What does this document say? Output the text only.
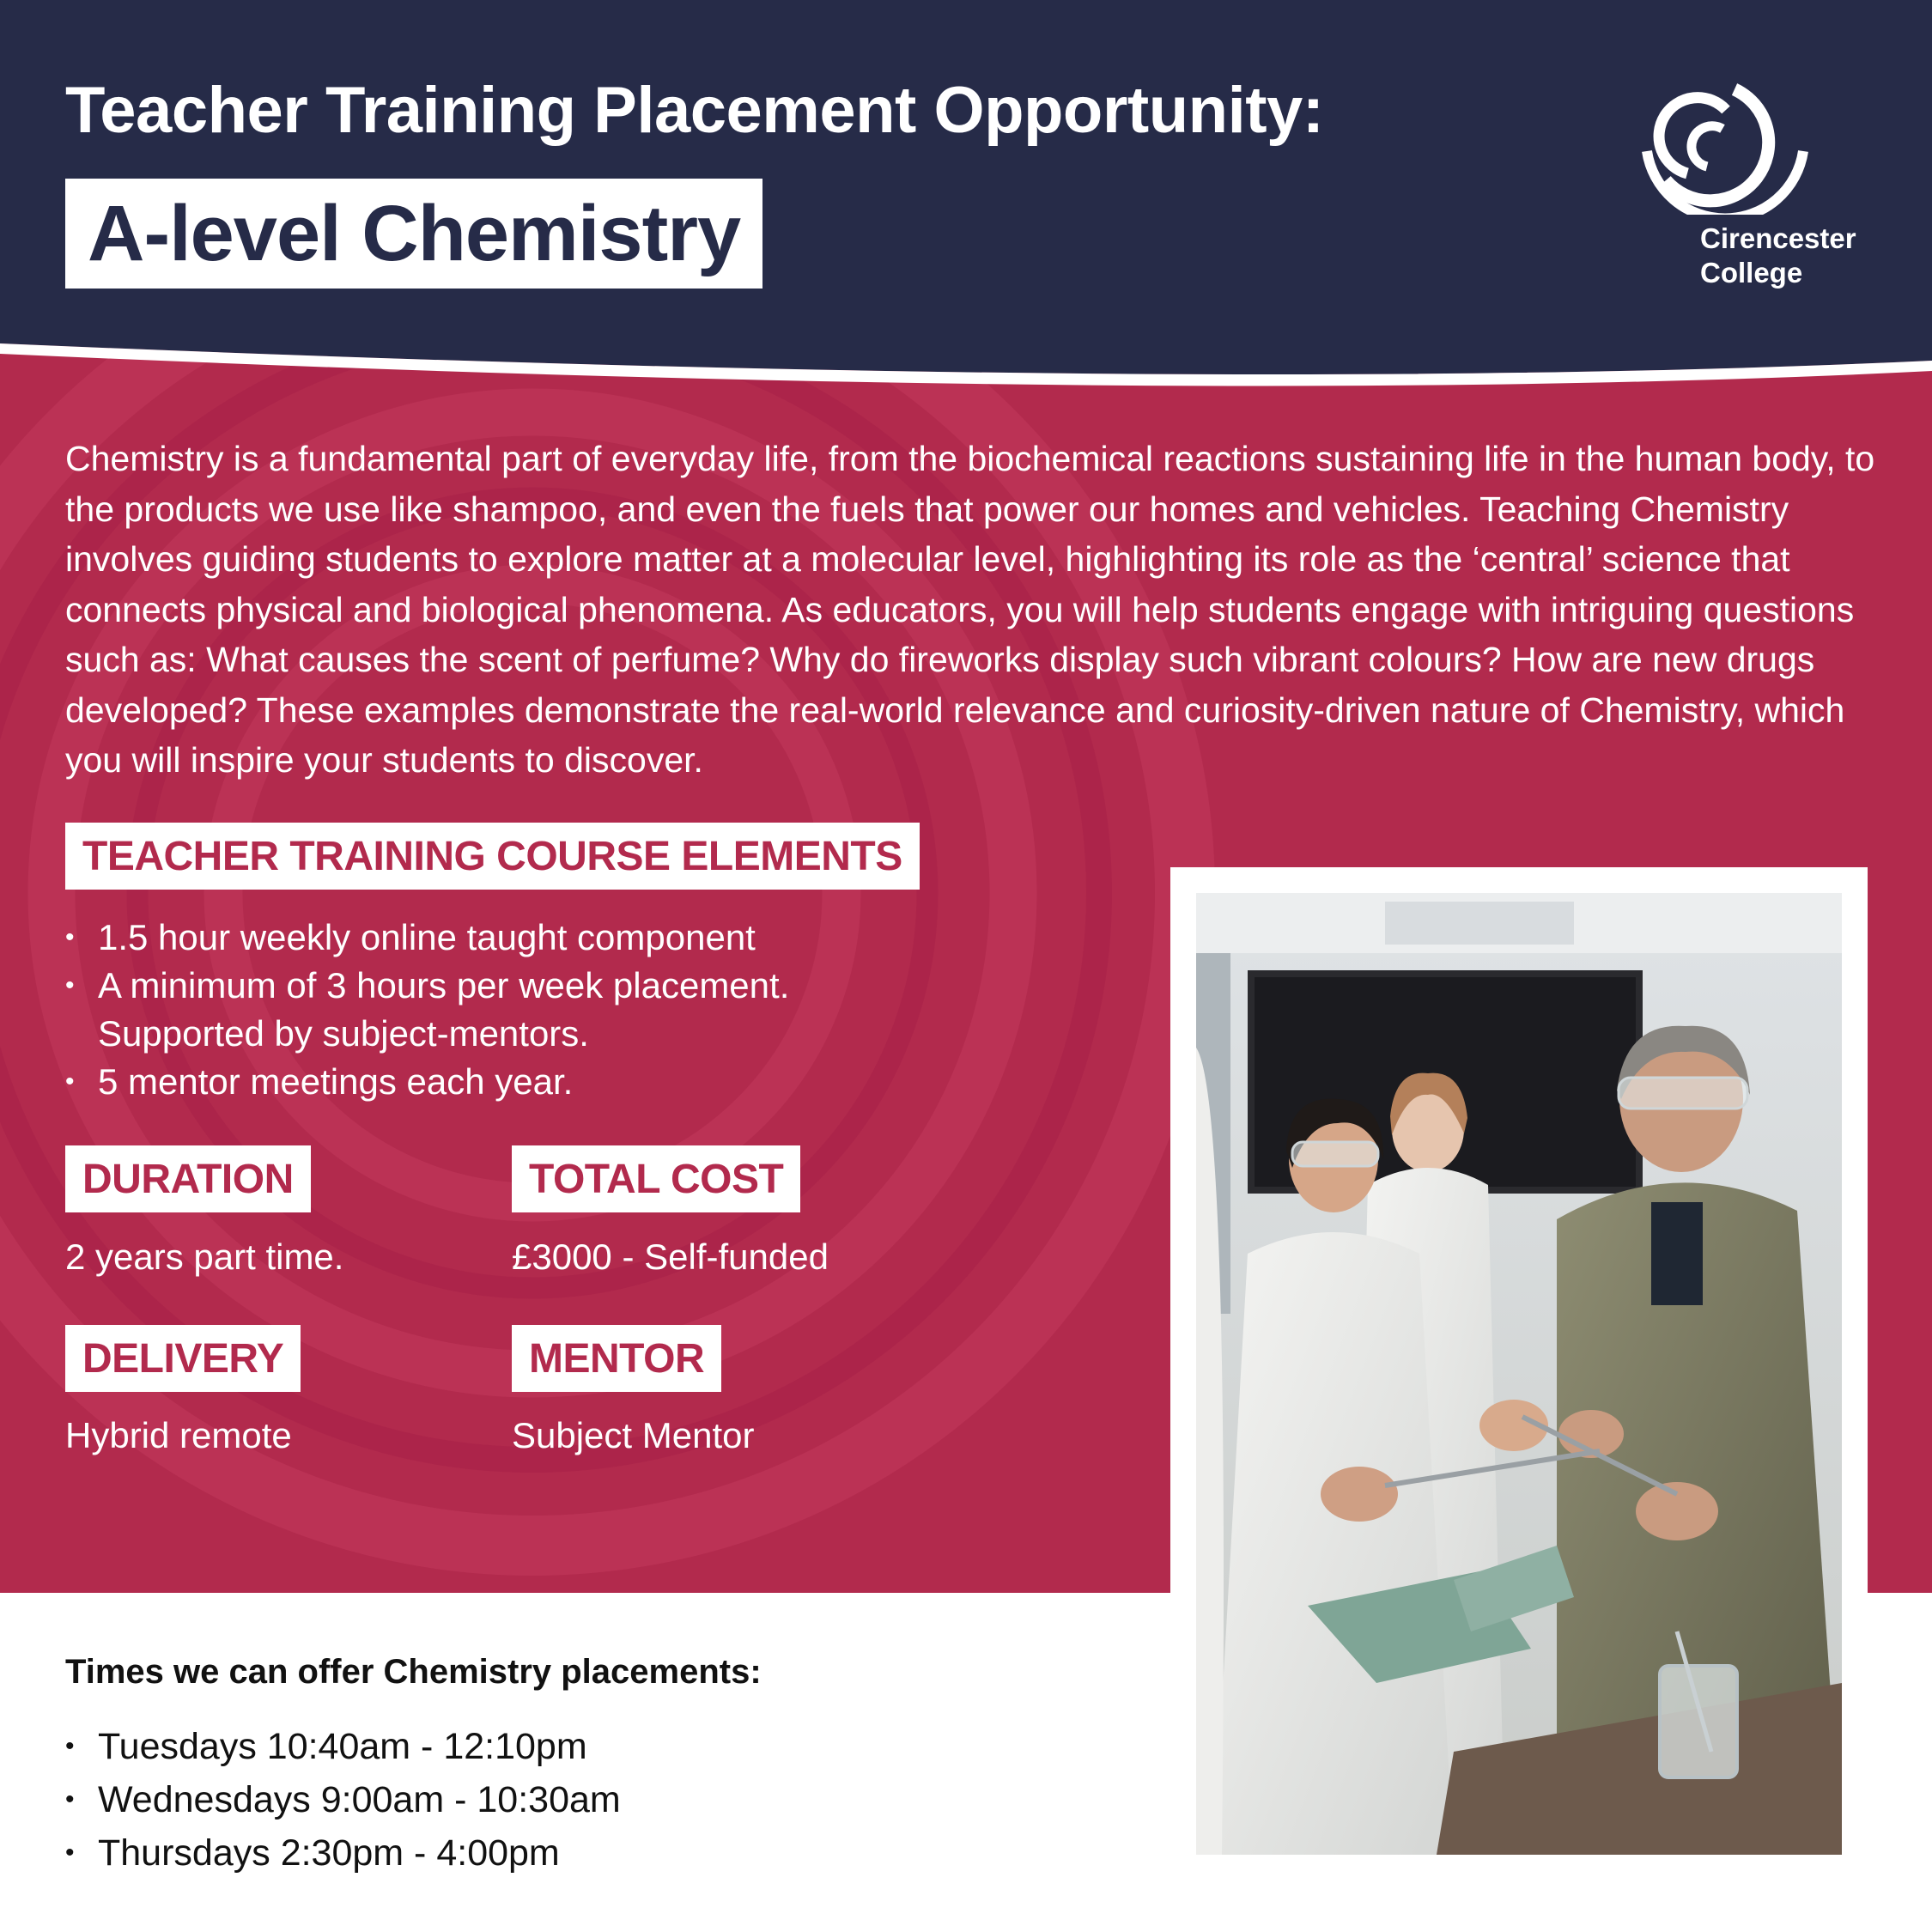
Teacher Training Placement Opportunity:
A-level Chemistry	Cirencester
College

Chemistry is a fundamental part of everyday life, from the biochemical reactions sustaining life in the human body, to the products we use like shampoo, and even the fuels that power our homes and vehicles. Teaching Chemistry involves guiding students to explore matter at a molecular level, highlighting its role as the ‘central’ science that connects physical and biological phenomena. As educators, you will help students engage with intriguing questions such as: What causes the scent of perfume? Why do fireworks display such vibrant colours? How are new drugs developed? These examples demonstrate the real-world relevance and curiosity-driven nature of Chemistry, which you will inspire your students to discover.

TEACHER TRAINING COURSE ELEMENTS
• 1.5 hour weekly online taught component
• A minimum of 3 hours per week placement.
Supported by subject-mentors.
• 5 mentor meetings each year.
DURATION
2 years part time.
TOTAL COST
£3000 - Self-funded
DELIVERY
Hybrid remote
MENTOR
Subject Mentor
Times we can offer Chemistry placements:
• Tuesdays 10:40am - 12:10pm
• Wednesdays 9:00am - 10:30am
• Thursdays 2:30pm - 4:00pm
